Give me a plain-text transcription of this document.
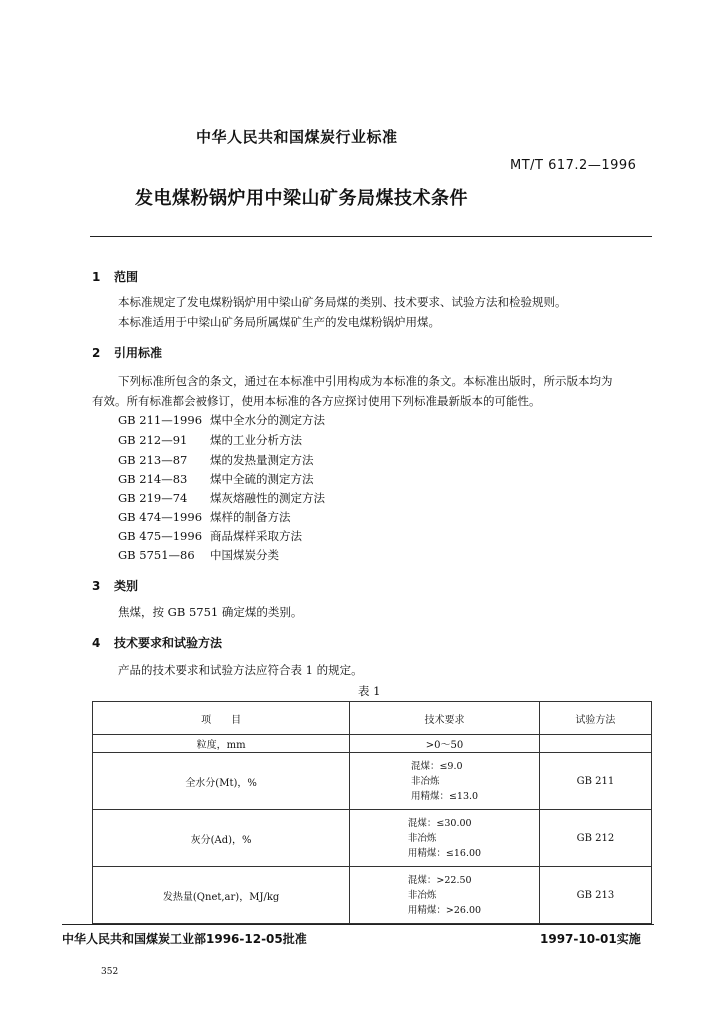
中华人民共和国煤炭行业标准
MT/T 617.2—1996
发电煤粉锅炉用中梁山矿务局煤技术条件
1 范围
本标准规定了发电煤粉锅炉用中梁山矿务局煤的类别、技术要求、试验方法和检验规则。
本标准适用于中梁山矿务局所属煤矿生产的发电煤粉锅炉用煤。
2 引用标准
下列标准所包含的条文，通过在本标准中引用构成为本标准的条文。本标准出版时，所示版本均为
有效。所有标准都会被修订，使用本标准的各方应探讨使用下列标准最新版本的可能性。
GB 211—1996 煤中全水分的测定方法
GB 212—91 煤的工业分析方法
GB 213—87 煤的发热量测定方法
GB 214—83 煤中全硫的测定方法
GB 219—74 煤灰熔融性的测定方法
GB 474—1996 煤样的制备方法
GB 475—1996 商品煤样采取方法
GB 5751—86 中国煤炭分类
3 类别
焦煤，按 GB 5751 确定煤的类别。
4 技术要求和试验方法
产品的技术要求和试验方法应符合表 1 的规定。
表 1
项　　目	技术要求	试验方法
粒度，mm	>0～50	
全水分(Mt)，%	混煤：≤9.0
非冶炼
用精煤：≤13.0	GB 211
灰分(Ad)，%	混煤：≤30.00
非冶炼
用精煤：≤16.00	GB 212
发热量(Qnet,ar)，MJ/kg	混煤：>22.50
非冶炼
用精煤：>26.00	GB 213
中华人民共和国煤炭工业部1996-12-05批准	1997-10-01实施
352
